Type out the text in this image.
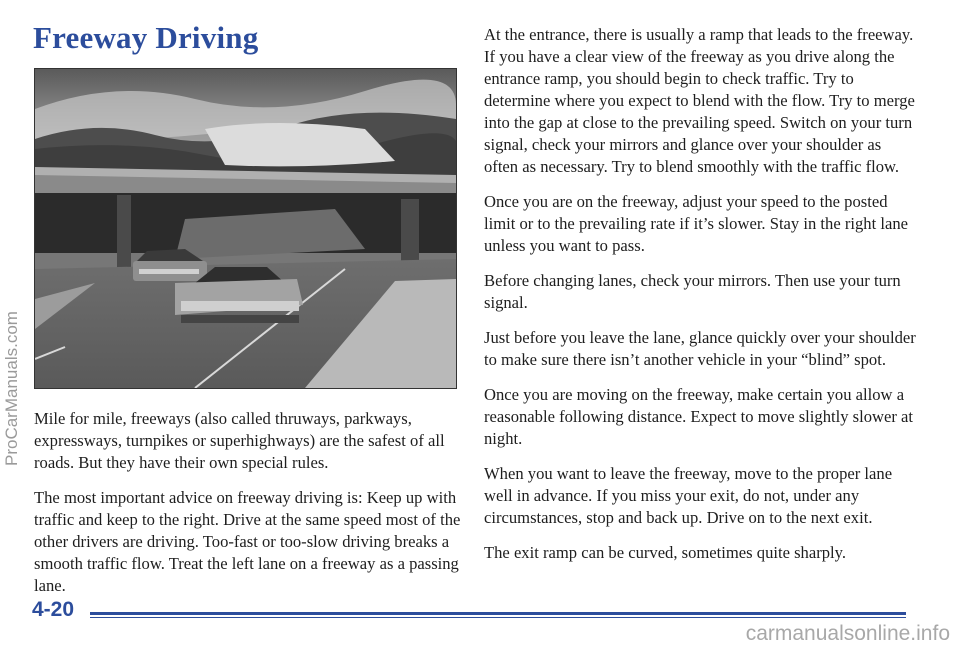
Freeway Driving

Mile for mile, freeways (also called thruways, parkways, expressways, turnpikes or superhighways) are the safest of all roads. But they have their own special rules.

The most important advice on freeway driving is: Keep up with traffic and keep to the right. Drive at the same speed most of the other drivers are driving. Too-fast or too-slow driving breaks a smooth traffic flow. Treat the left lane on a freeway as a passing lane.

At the entrance, there is usually a ramp that leads to the freeway. If you have a clear view of the freeway as you drive along the entrance ramp, you should begin to check traffic. Try to determine where you expect to blend with the flow. Try to merge into the gap at close to the prevailing speed. Switch on your turn signal, check your mirrors and glance over your shoulder as often as necessary. Try to blend smoothly with the traffic flow.

Once you are on the freeway, adjust your speed to the posted limit or to the prevailing rate if it’s slower. Stay in the right lane unless you want to pass.

Before changing lanes, check your mirrors. Then use your turn signal.

Just before you leave the lane, glance quickly over your shoulder to make sure there isn’t another vehicle in your “blind” spot.

Once you are moving on the freeway, make certain you allow a reasonable following distance. Expect to move slightly slower at night.

When you want to leave the freeway, move to the proper lane well in advance. If you miss your exit, do not, under any circumstances, stop and back up. Drive on to the next exit.

The exit ramp can be curved, sometimes quite sharply.

4-20
ProCarManuals.com
carmanualsonline.info
